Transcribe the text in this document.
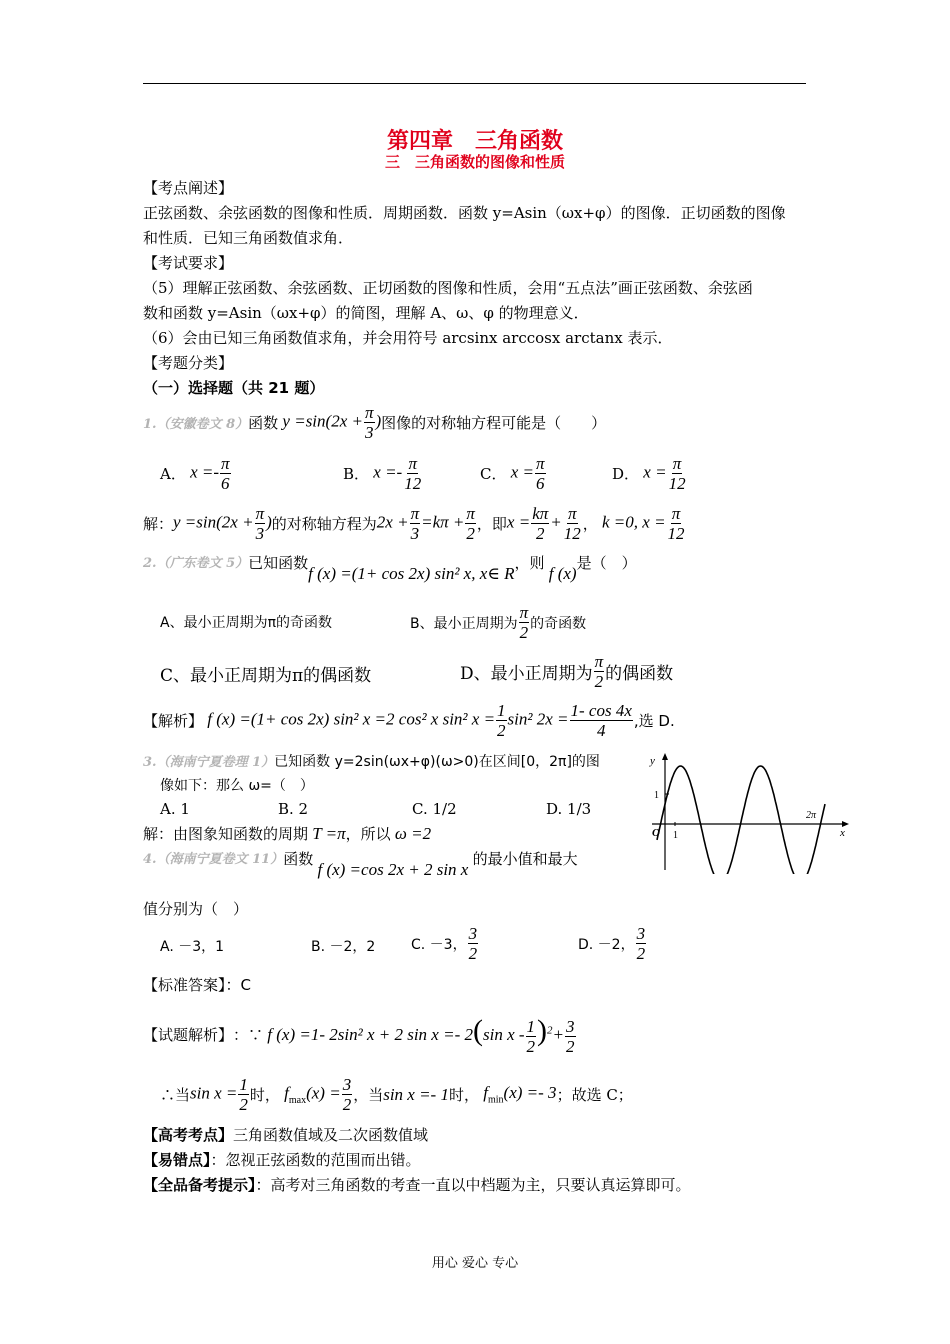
第四章　三角函数
三　三角函数的图像和性质
【考点阐述】
正弦函数、余弦函数的图像和性质．周期函数．函数 y=Asin（ωx+φ）的图像．正切函数的图像
和性质．已知三角函数值求角．
【考试要求】
（5）理解正弦函数、余弦函数、正切函数的图像和性质，会用“五点法”画正弦函数、余弦函
数和函数 y=Asin（ωx+φ）的简图，理解 A、ω、φ 的物理意义．
（6）会由已知三角函数值求角，并会用符号 arcsinx arccosx arctanx 表示．
【考题分类】
（一）选择题（共 21 题）
1.（安徽卷文 8） 函数 $y =\sin(2x + \frac{\pi}{3}$ ) 图像的对称轴方程可能是（　　）
A． $x =- \frac{\pi}{6}$	B． $x =- \frac{\pi}{12}$	C． $x = \frac{\pi}{6}$	D． $x = \frac{\pi}{12}$
解： $y =\sin(2x + \frac{\pi}{3}$ ) 的对称轴方程为 $2x + \frac{\pi}{3} =k\pi + \frac{\pi}{2}$ ，即 $x = \frac{k\pi}{2} + \frac{\pi}{12}$ ， k =0, $x = \frac{\pi}{12}$
2.（广东卷文 5） 已知函数
f (x) =(1+ cos 2x) sin² x, x∈ R
，则
f (x)
是（　）
A、最小正周期为π的奇函数	B、最小正周期为 $\frac{\pi}{2}$ 的奇函数
C、最小正周期为π的偶函数	D、最小正周期为 $\frac{\pi}{2}$ 的偶函数
【解析】 f (x) =(1+ cos 2x) sin² x =2 cos² x sin² $x = \frac{1}{2} \sin^2$ $2x = \frac{1- \cos 4x}{4}$ ,选 D.
3.（海南宁夏卷理 1）已知函数 y=2sin(ωx+φ)(ω>0)在区间[0，2π]的图
像如下：那么 ω=（　）
A. 1	B. 2	C. 1/2	D. 1/3
解：由图象知函数的周期 T =π ，所以 ω =2
y
x
O
1
1
2π
4.（海南宁夏卷文 11） 函数
f (x) =cos 2x + 2 sin x
的最小值和最大
值分别为（　）
A. －3，1	B. －2，2	C. －3， $\frac{3}{2}$	D. －2， $\frac{3}{2}$
【标准答案】：C
【试题解析】 ：∵ f (x) =1- 2sin² x + 2 sin x =- 2(sin $x - \frac{1}{2} )^2+ \frac{3}{2}$
∴当 $\sin x = \frac{1}{2}$ 时， $f_{max}(x) = \frac{3}{2}$ ，当 sin x =- 1 时， $f_{min}(x) =- 3$ ；故选 C；
【高考考点】三角函数值域及二次函数值域
【易错点】：忽视正弦函数的范围而出错。
【全品备考提示】：高考对三角函数的考查一直以中档题为主，只要认真运算即可。
用心 爱心 专心
